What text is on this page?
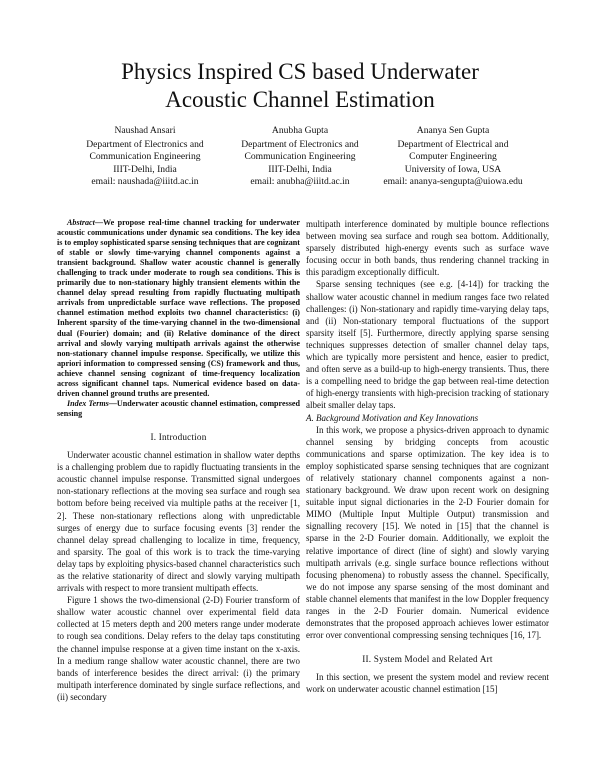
Physics Inspired CS based Underwater
Acoustic Channel Estimation
Naushad Ansari
Department of Electronics and
Communication Engineering
IIIT-Delhi, India
email: naushada@iiitd.ac.in
Anubha Gupta
Department of Electronics and
Communication Engineering
IIIT-Delhi, India
email: anubha@iiitd.ac.in
Ananya Sen Gupta
Department of Electrical and
Computer Engineering
University of Iowa, USA
email: ananya-sengupta@uiowa.edu

Abstract—We propose real-time channel tracking for underwater acoustic communications under dynamic sea conditions. The key idea is to employ sophisticated sparse sensing techniques that are cognizant of stable or slowly time-varying channel components against a transient background. Shallow water acoustic channel is generally challenging to track under moderate to rough sea conditions. This is primarily due to non-stationary highly transient elements within the channel delay spread resulting from rapidly fluctuating multipath arrivals from unpredictable surface wave reflections. The proposed channel estimation method exploits two channel characteristics: (i) Inherent sparsity of the time-varying channel in the two-dimensional dual (Fourier) domain; and (ii) Relative dominance of the direct arrival and slowly varying multipath arrivals against the otherwise non-stationary channel impulse response. Specifically, we utilize this apriori information to compressed sensing (CS) framework and thus, achieve channel sensing cognizant of time-frequency localization across significant channel taps. Numerical evidence based on data-driven channel ground truths are presented.

Index Terms—Underwater acoustic channel estimation, compressed sensing

I. Introduction

Underwater acoustic channel estimation in shallow water depths is a challenging problem due to rapidly fluctuating transients in the acoustic channel impulse response. Transmitted signal undergoes non-stationary reflections at the moving sea surface and rough sea bottom before being received via multiple paths at the receiver [1, 2]. These non-stationary reflections along with unpredictable surges of energy due to surface focusing events [3] render the channel delay spread challenging to localize in time, frequency, and sparsity. The goal of this work is to track the time-varying delay taps by exploiting physics-based channel characteristics such as the relative stationarity of direct and slowly varying multipath arrivals with respect to more transient multipath effects.

Figure 1 shows the two-dimensional (2-D) Fourier transform of shallow water acoustic channel over experimental field data collected at 15 meters depth and 200 meters range under moderate to rough sea conditions. Delay refers to the delay taps constituting the channel impulse response at a given time instant on the x-axis. In a medium range shallow water acoustic channel, there are two bands of interference besides the direct arrival: (i) the primary multipath interference dominated by single surface reflections, and (ii) secondary

multipath interference dominated by multiple bounce reflections between moving sea surface and rough sea bottom. Additionally, sparsely distributed high-energy events such as surface wave focusing occur in both bands, thus rendering channel tracking in this paradigm exceptionally difficult.

Sparse sensing techniques (see e.g. [4-14]) for tracking the shallow water acoustic channel in medium ranges face two related challenges: (i) Non-stationary and rapidly time-varying delay taps, and (ii) Non-stationary temporal fluctuations of the support sparsity itself [5]. Furthermore, directly applying sparse sensing techniques suppresses detection of smaller channel delay taps, which are typically more persistent and hence, easier to predict, and often serve as a build-up to high-energy transients. Thus, there is a compelling need to bridge the gap between real-time detection of high-energy transients with high-precision tracking of stationary albeit smaller delay taps.

A. Background Motivation and Key Innovations

In this work, we propose a physics-driven approach to dynamic channel sensing by bridging concepts from acoustic communications and sparse optimization. The key idea is to employ sophisticated sparse sensing techniques that are cognizant of relatively stationary channel components against a non-stationary background. We draw upon recent work on designing suitable input signal dictionaries in the 2-D Fourier domain for MIMO (Multiple Input Multiple Output) transmission and signalling recovery [15]. We noted in [15] that the channel is sparse in the 2-D Fourier domain. Additionally, we exploit the relative importance of direct (line of sight) and slowly varying multipath arrivals (e.g. single surface bounce reflections without focusing phenomena) to robustly assess the channel. Specifically, we do not impose any sparse sensing of the most dominant and stable channel elements that manifest in the low Doppler frequency ranges in the 2-D Fourier domain. Numerical evidence demonstrates that the proposed approach achieves lower estimator error over conventional compressing sensing techniques [16, 17].

II. System Model and Related Art

In this section, we present the system model and review recent work on underwater acoustic channel estimation [15]
